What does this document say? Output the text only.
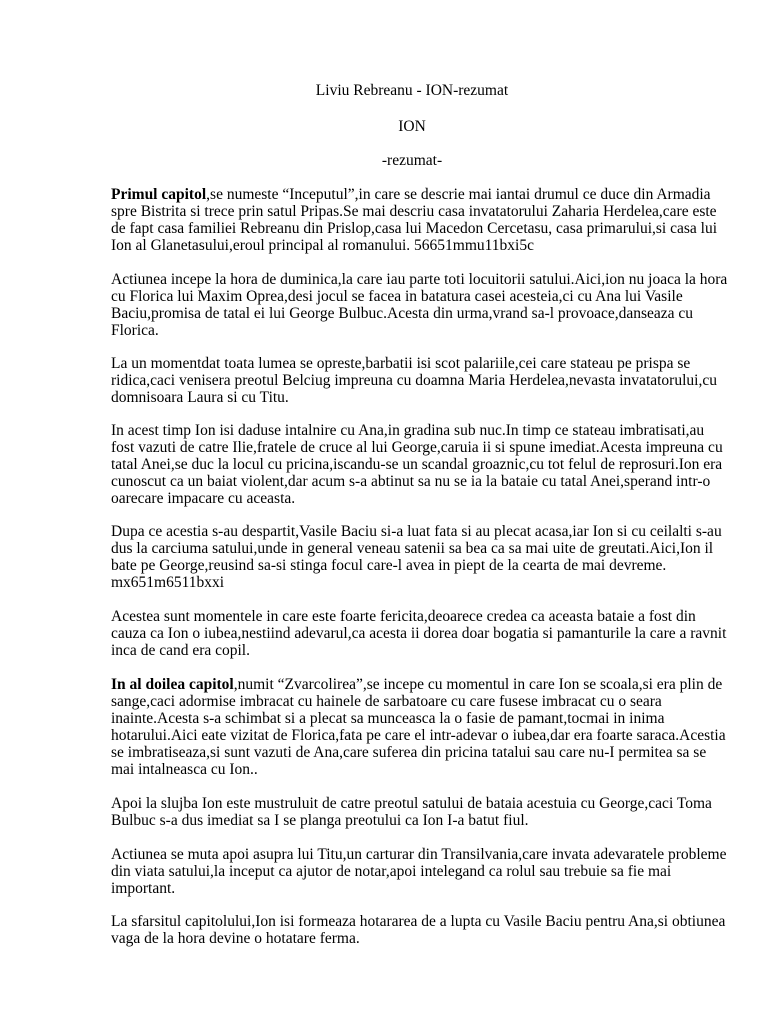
Liviu Rebreanu - ION-rezumat
ION
-rezumat-
Primul capitol,se numeste “Inceputul”,in care se descrie mai iantai drumul ce duce din Armadia spre Bistrita si trece prin satul Pripas.Se mai descriu casa invatatorului Zaharia Herdelea,care este de fapt casa familiei Rebreanu din Prislop,casa lui Macedon Cercetasu, casa primarului,si casa lui Ion al Glanetasului,eroul principal al romanului. 56651mmu11bxi5c
Actiunea incepe la hora de duminica,la care iau parte toti locuitorii satului.Aici,ion nu joaca la hora cu Florica lui Maxim Oprea,desi jocul se facea in batatura casei acesteia,ci cu Ana lui Vasile Baciu,promisa de tatal ei lui George Bulbuc.Acesta din urma,vrand sa-l provoace,danseaza cu Florica.
La un momentdat toata lumea se opreste,barbatii isi scot palariile,cei care stateau pe prispa se ridica,caci venisera preotul Belciug impreuna cu doamna Maria Herdelea,nevasta invatatorului,cu domnisoara Laura si cu Titu.
In acest timp Ion isi daduse intalnire cu Ana,in gradina sub nuc.In timp ce stateau imbratisati,au fost vazuti de catre Ilie,fratele de cruce al lui George,caruia ii si spune imediat.Acesta impreuna cu tatal Anei,se duc la locul cu pricina,iscandu-se un scandal groaznic,cu tot felul de reprosuri.Ion era cunoscut ca un baiat violent,dar acum s-a abtinut sa nu se ia la bataie cu tatal Anei,sperand intr-o oarecare impacare cu aceasta.
Dupa ce acestia s-au despartit,Vasile Baciu si-a luat fata si au plecat acasa,iar Ion si cu ceilalti s-au dus la carciuma satului,unde in general veneau satenii sa bea ca sa mai uite de greutati.Aici,Ion il bate pe George,reusind sa-si stinga focul care-l avea in piept de la cearta de mai devreme. mx651m6511bxxi
Acestea sunt momentele in care este foarte fericita,deoarece credea ca aceasta bataie a fost din cauza ca Ion o iubea,nestiind adevarul,ca acesta ii dorea doar bogatia si pamanturile la care a ravnit inca de cand era copil.
In al doilea capitol,numit “Zvarcolirea”,se incepe cu momentul in care Ion se scoala,si era plin de sange,caci adormise imbracat cu hainele de sarbatoare cu care fusese imbracat cu o seara inainte.Acesta s-a schimbat si a plecat sa munceasca la o fasie de pamant,tocmai in inima hotarului.Aici eate vizitat de Florica,fata pe care el intr-adevar o iubea,dar era foarte saraca.Acestia se imbratiseaza,si sunt vazuti de Ana,care suferea din pricina tatalui sau care nu-I permitea sa se mai intalneasca cu Ion..
Apoi la slujba Ion este mustruluit de catre preotul satului de bataia acestuia cu George,caci Toma Bulbuc s-a dus imediat sa I se planga preotului ca Ion I-a batut fiul.
Actiunea se muta apoi asupra lui Titu,un carturar din Transilvania,care invata adevaratele probleme din viata satului,la inceput ca ajutor de notar,apoi intelegand ca rolul sau trebuie sa fie mai important.
La sfarsitul capitolului,Ion isi formeaza hotararea de a lupta cu Vasile Baciu pentru Ana,si obtiunea vaga de la hora devine o hotatare ferma.
